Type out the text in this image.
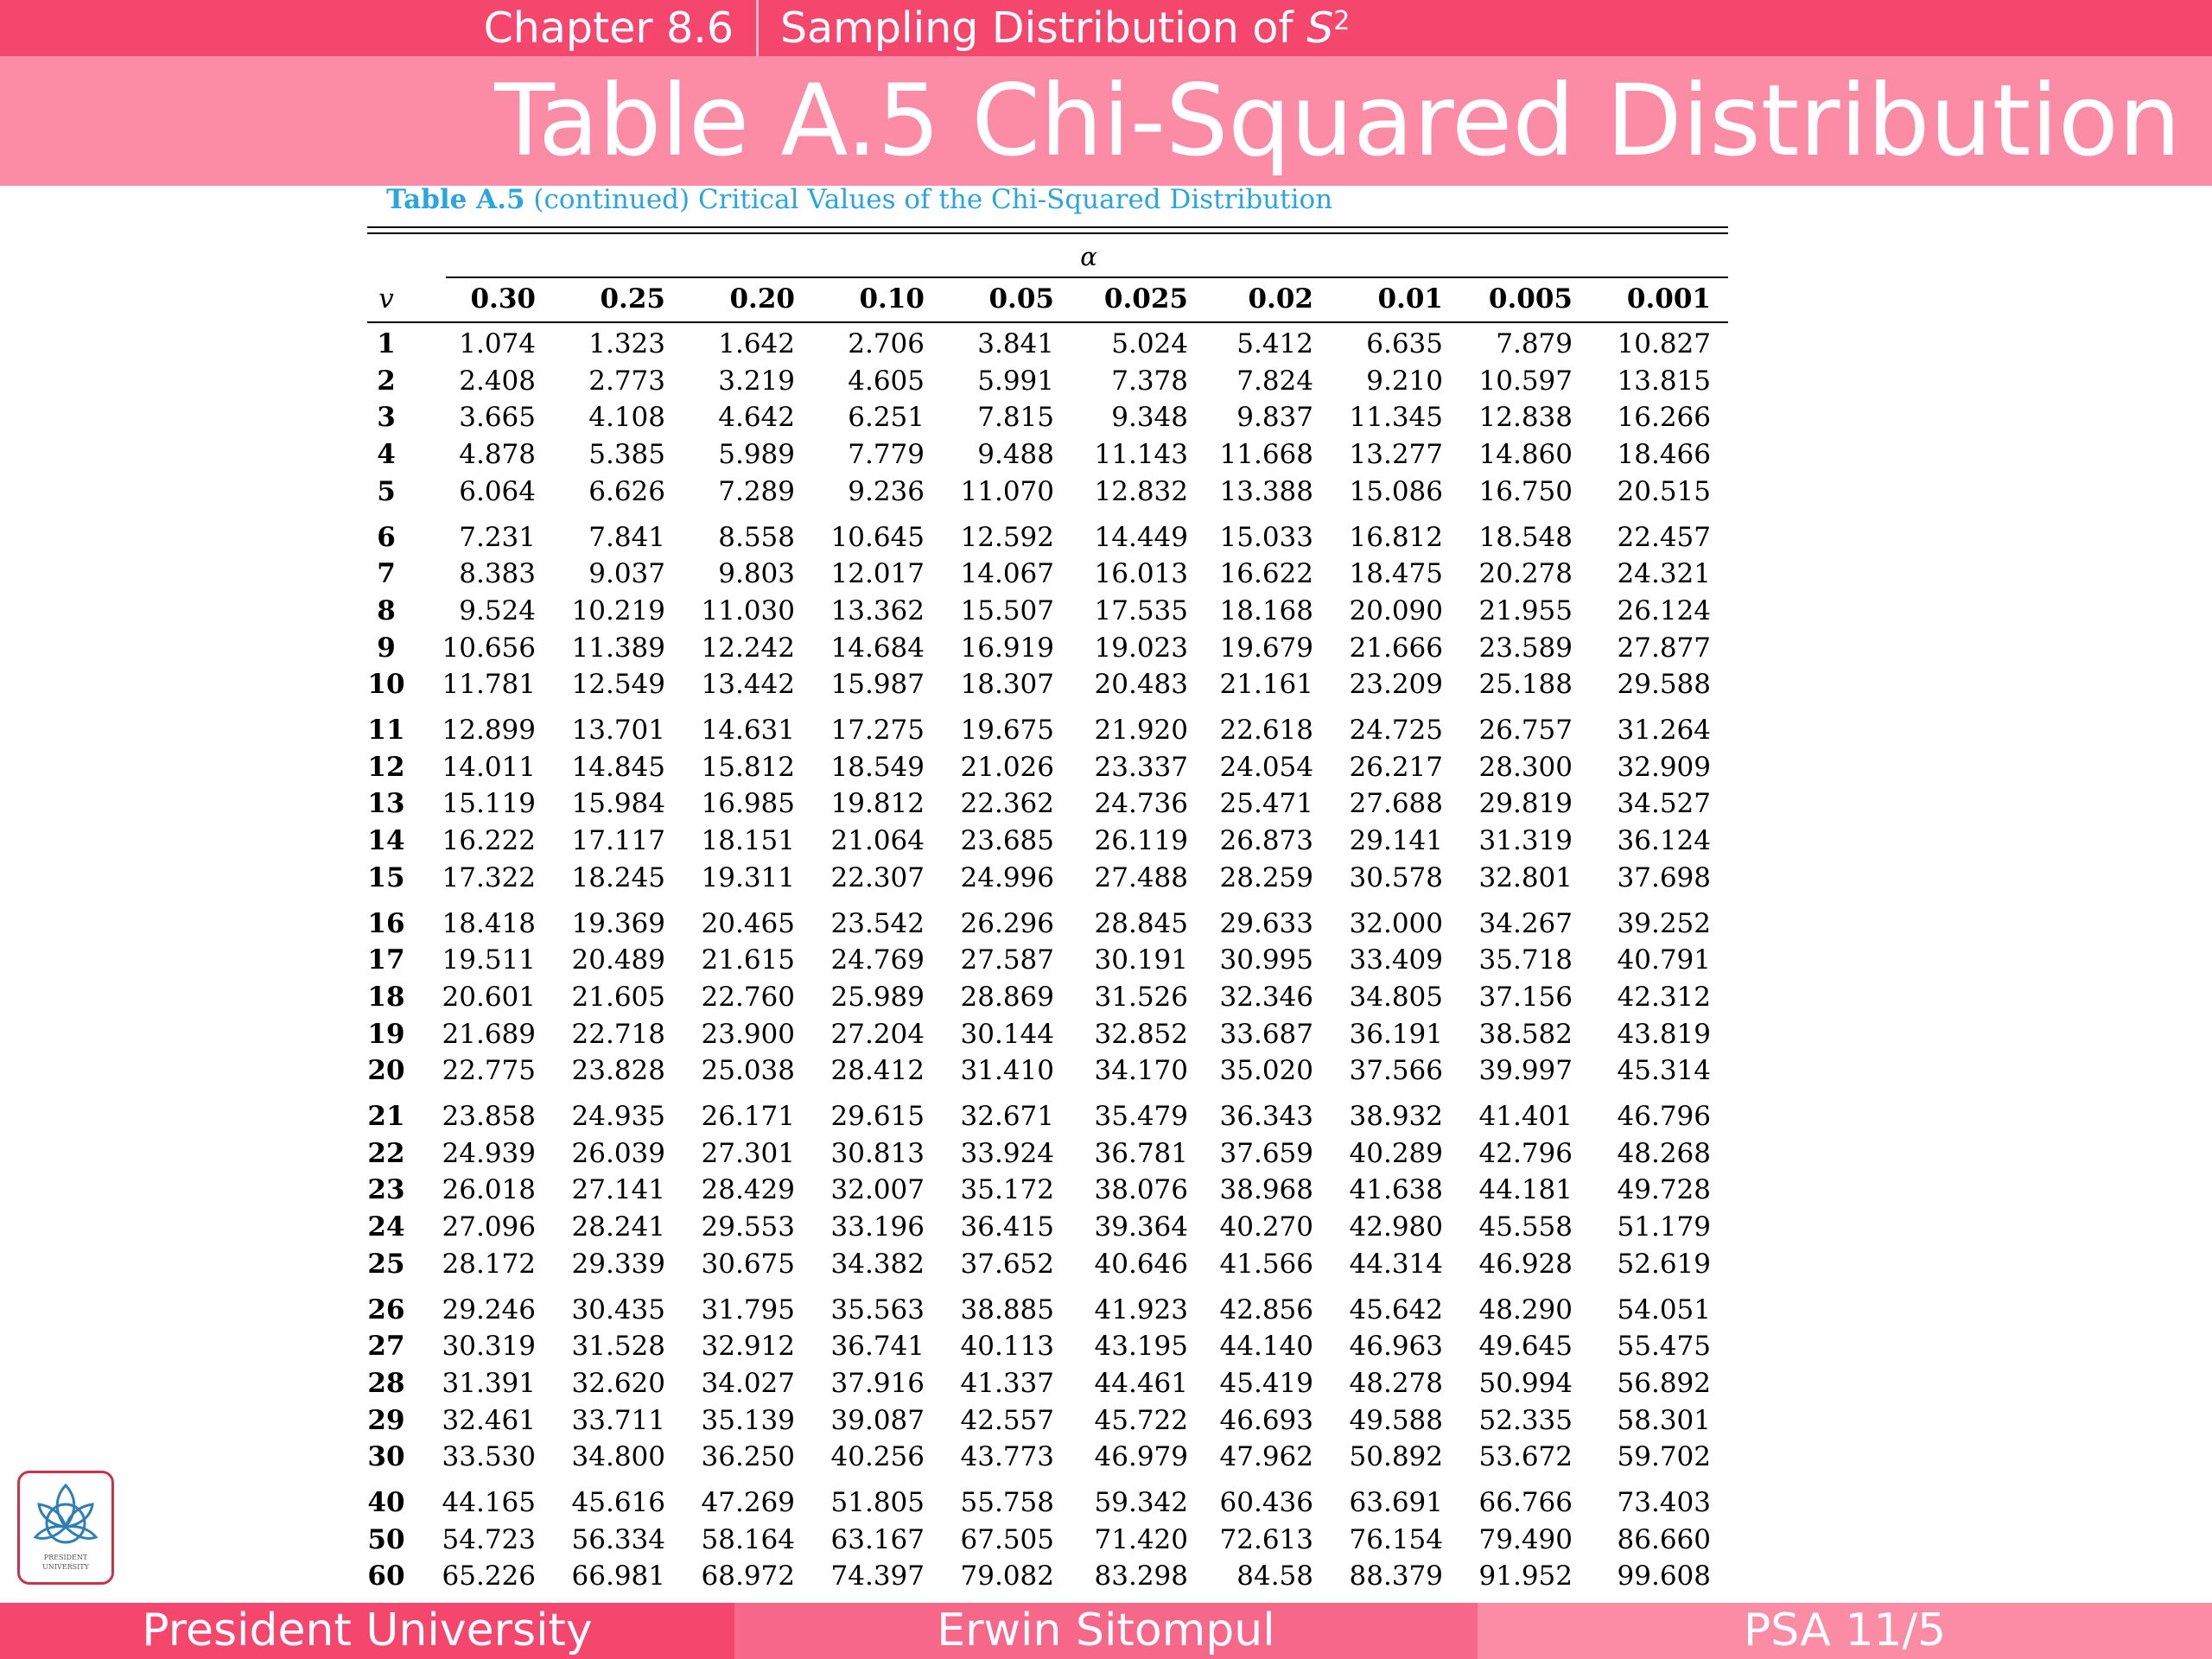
Chapter 8.6	Sampling Distribution of $S^2$
Table A.5 Chi-Squared Distribution
Table A.5 (continued) Critical Values of the Chi-Squared Distribution
α
v	0.30	0.25	0.20	0.10	0.05	0.025	0.02	0.01	0.005	0.001
1	1.074	1.323	1.642	2.706	3.841	5.024	5.412	6.635	7.879	10.827
2	2.408	2.773	3.219	4.605	5.991	7.378	7.824	9.210	10.597	13.815
3	3.665	4.108	4.642	6.251	7.815	9.348	9.837	11.345	12.838	16.266
4	4.878	5.385	5.989	7.779	9.488	11.143	11.668	13.277	14.860	18.466
5	6.064	6.626	7.289	9.236	11.070	12.832	13.388	15.086	16.750	20.515
6	7.231	7.841	8.558	10.645	12.592	14.449	15.033	16.812	18.548	22.457
7	8.383	9.037	9.803	12.017	14.067	16.013	16.622	18.475	20.278	24.321
8	9.524	10.219	11.030	13.362	15.507	17.535	18.168	20.090	21.955	26.124
9	10.656	11.389	12.242	14.684	16.919	19.023	19.679	21.666	23.589	27.877
10	11.781	12.549	13.442	15.987	18.307	20.483	21.161	23.209	25.188	29.588
11	12.899	13.701	14.631	17.275	19.675	21.920	22.618	24.725	26.757	31.264
12	14.011	14.845	15.812	18.549	21.026	23.337	24.054	26.217	28.300	32.909
13	15.119	15.984	16.985	19.812	22.362	24.736	25.471	27.688	29.819	34.527
14	16.222	17.117	18.151	21.064	23.685	26.119	26.873	29.141	31.319	36.124
15	17.322	18.245	19.311	22.307	24.996	27.488	28.259	30.578	32.801	37.698
16	18.418	19.369	20.465	23.542	26.296	28.845	29.633	32.000	34.267	39.252
17	19.511	20.489	21.615	24.769	27.587	30.191	30.995	33.409	35.718	40.791
18	20.601	21.605	22.760	25.989	28.869	31.526	32.346	34.805	37.156	42.312
19	21.689	22.718	23.900	27.204	30.144	32.852	33.687	36.191	38.582	43.819
20	22.775	23.828	25.038	28.412	31.410	34.170	35.020	37.566	39.997	45.314
21	23.858	24.935	26.171	29.615	32.671	35.479	36.343	38.932	41.401	46.796
22	24.939	26.039	27.301	30.813	33.924	36.781	37.659	40.289	42.796	48.268
23	26.018	27.141	28.429	32.007	35.172	38.076	38.968	41.638	44.181	49.728
24	27.096	28.241	29.553	33.196	36.415	39.364	40.270	42.980	45.558	51.179
25	28.172	29.339	30.675	34.382	37.652	40.646	41.566	44.314	46.928	52.619
26	29.246	30.435	31.795	35.563	38.885	41.923	42.856	45.642	48.290	54.051
27	30.319	31.528	32.912	36.741	40.113	43.195	44.140	46.963	49.645	55.475
28	31.391	32.620	34.027	37.916	41.337	44.461	45.419	48.278	50.994	56.892
29	32.461	33.711	35.139	39.087	42.557	45.722	46.693	49.588	52.335	58.301
30	33.530	34.800	36.250	40.256	43.773	46.979	47.962	50.892	53.672	59.702
40	44.165	45.616	47.269	51.805	55.758	59.342	60.436	63.691	66.766	73.403
50	54.723	56.334	58.164	63.167	67.505	71.420	72.613	76.154	79.490	86.660
60	65.226	66.981	68.972	74.397	79.082	83.298	84.58	88.379	91.952	99.608
PRESIDENT
UNIVERSITY
President University	Erwin Sitompul	PSA 11/5
